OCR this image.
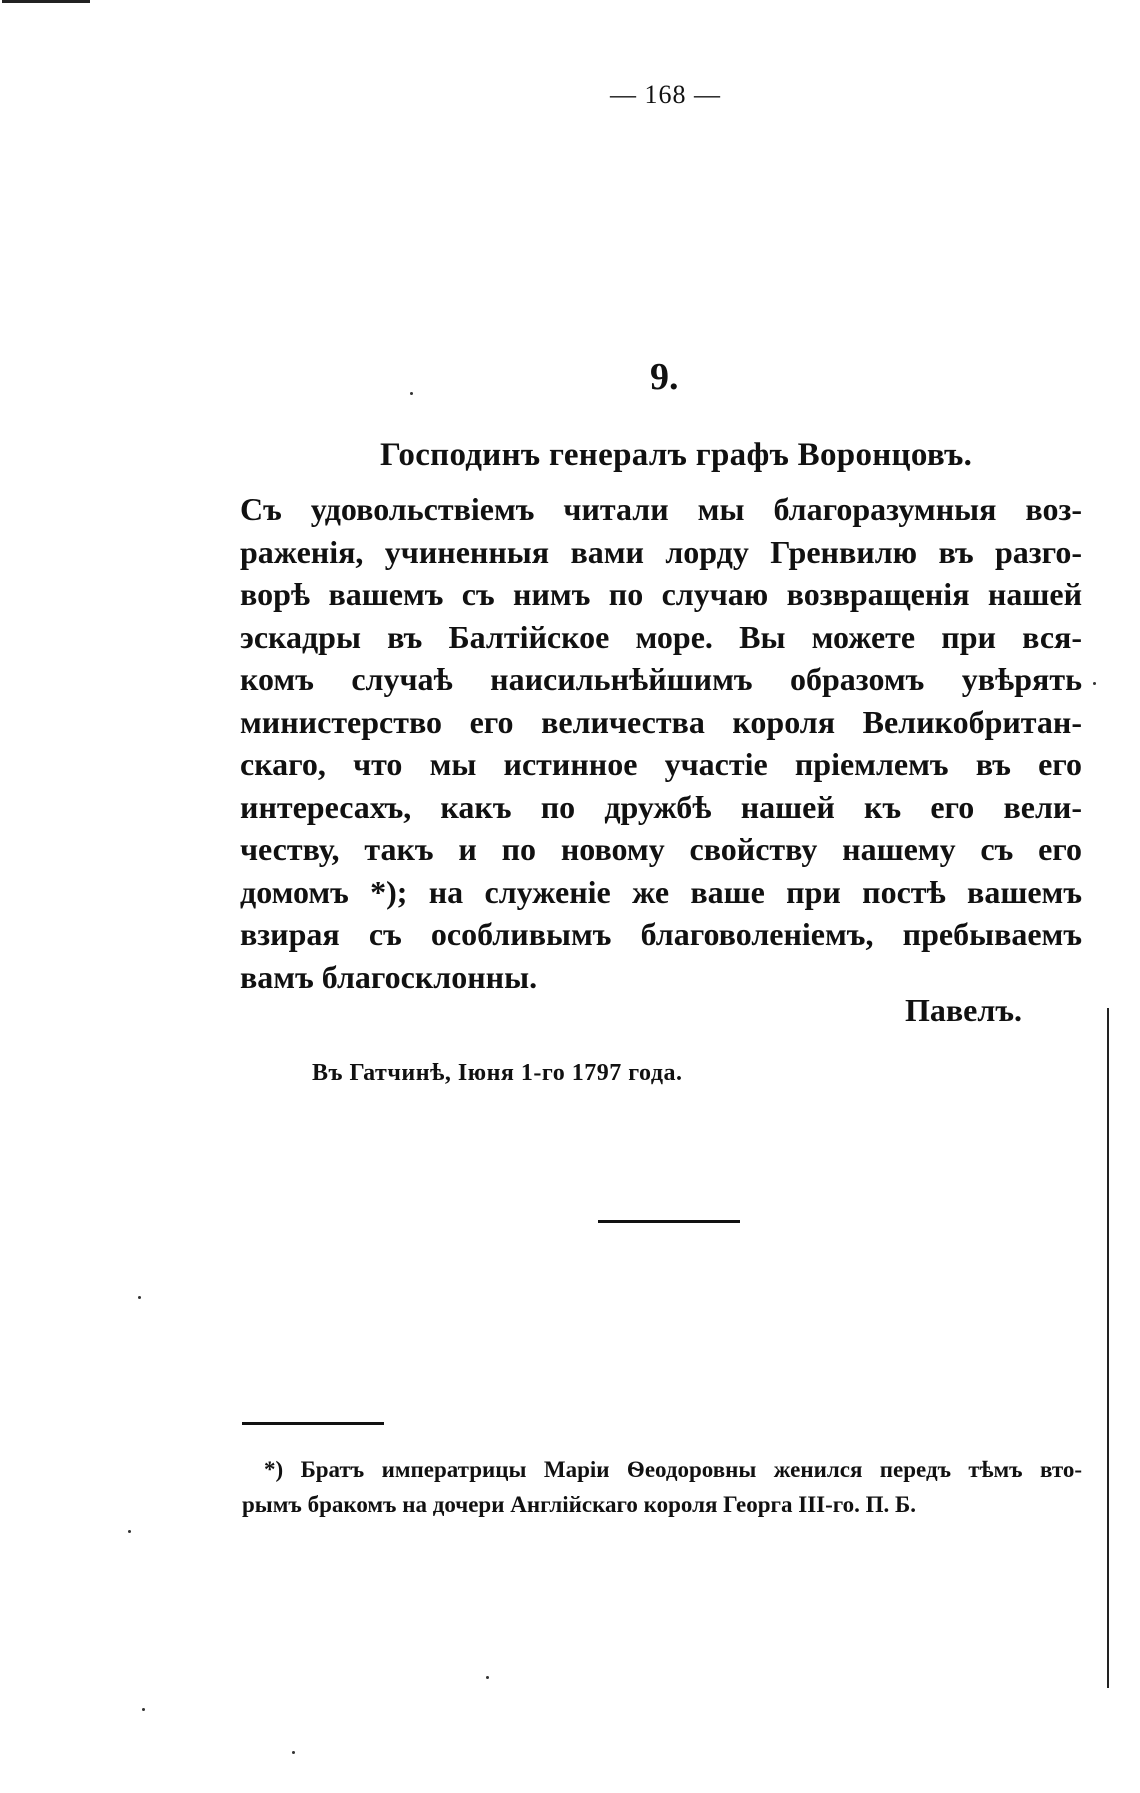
— 168 —
9.
Господинъ генералъ графъ Воронцовъ.
Съ удовольствіемъ читали мы благоразумныя воз-
раженія, учиненныя вами лорду Гренвилю въ разго-
ворѣ вашемъ съ нимъ по случаю возвращенія нашей
эскадры въ Балтійское море. Вы можете при вся-
комъ случаѣ наисильнѣйшимъ образомъ увѣрять
министерство его величества короля Великобритан-
скаго, что мы истинное участіе пріемлемъ въ его
интересахъ, какъ по дружбѣ нашей къ его вели-
честву, такъ и по новому свойству нашему съ его
домомъ *); на служеніе же ваше при постѣ вашемъ
взирая съ особливымъ благоволеніемъ, пребываемъ
вамъ благосклонны.
Павелъ.
Въ Гатчинѣ, Іюня 1-го 1797 года.
*) Братъ императрицы Маріи Ѳеодоровны женился передъ тѣмъ вто-
рымъ бракомъ на дочери Англійскаго короля Георга III-го. П. Б.
